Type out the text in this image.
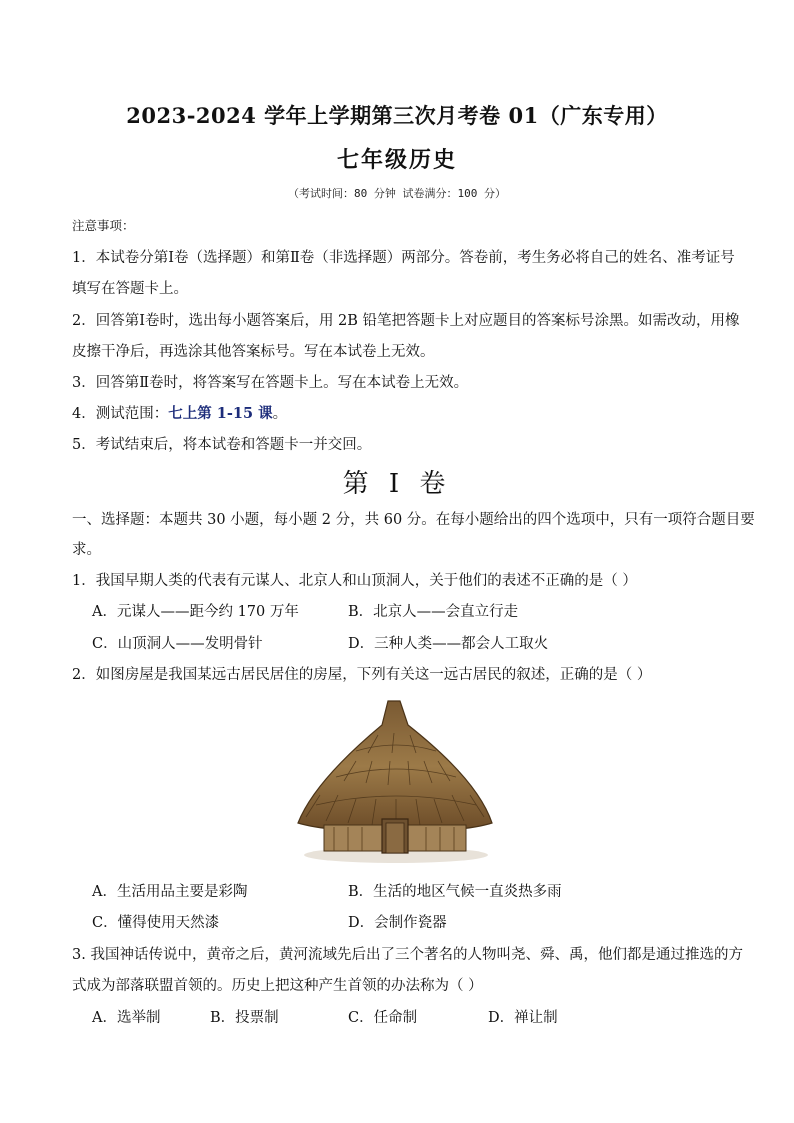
2023-2024 学年上学期第三次月考卷 01（广东专用）
七年级历史
（考试时间：80 分钟 试卷满分：100 分）
注意事项：
1．本试卷分第Ⅰ卷（选择题）和第Ⅱ卷（非选择题）两部分。答卷前，考生务必将自己的姓名、准考证号
填写在答题卡上。
2．回答第Ⅰ卷时，选出每小题答案后，用 2B 铅笔把答题卡上对应题目的答案标号涂黑。如需改动，用橡
皮擦干净后，再选涂其他答案标号。写在本试卷上无效。
3．回答第Ⅱ卷时，将答案写在答题卡上。写在本试卷上无效。
4．测试范围：七上第 1-15 课。
5．考试结束后，将本试卷和答题卡一并交回。
第 I 卷
一、选择题：本题共 30 小题，每小题 2 分，共 60 分。在每小题给出的四个选项中，只有一项符合题目要
求。
1．我国早期人类的代表有元谋人、北京人和山顶洞人，关于他们的表述不正确的是（ ）
A．元谋人——距今约 170 万年	B．北京人——会直立行走
C．山顶洞人——发明骨针	D．三种人类——都会人工取火
2．如图房屋是我国某远古居民居住的房屋，下列有关这一远古居民的叙述，正确的是（ ）
A．生活用品主要是彩陶	B．生活的地区气候一直炎热多雨
C．懂得使用天然漆	D．会制作瓷器
3. 我国神话传说中，黄帝之后，黄河流域先后出了三个著名的人物叫尧、舜、禹，他们都是通过推选的方
式成为部落联盟首领的。历史上把这种产生首领的办法称为（ ）
A．选举制	B．投票制	C．任命制	D．禅让制
